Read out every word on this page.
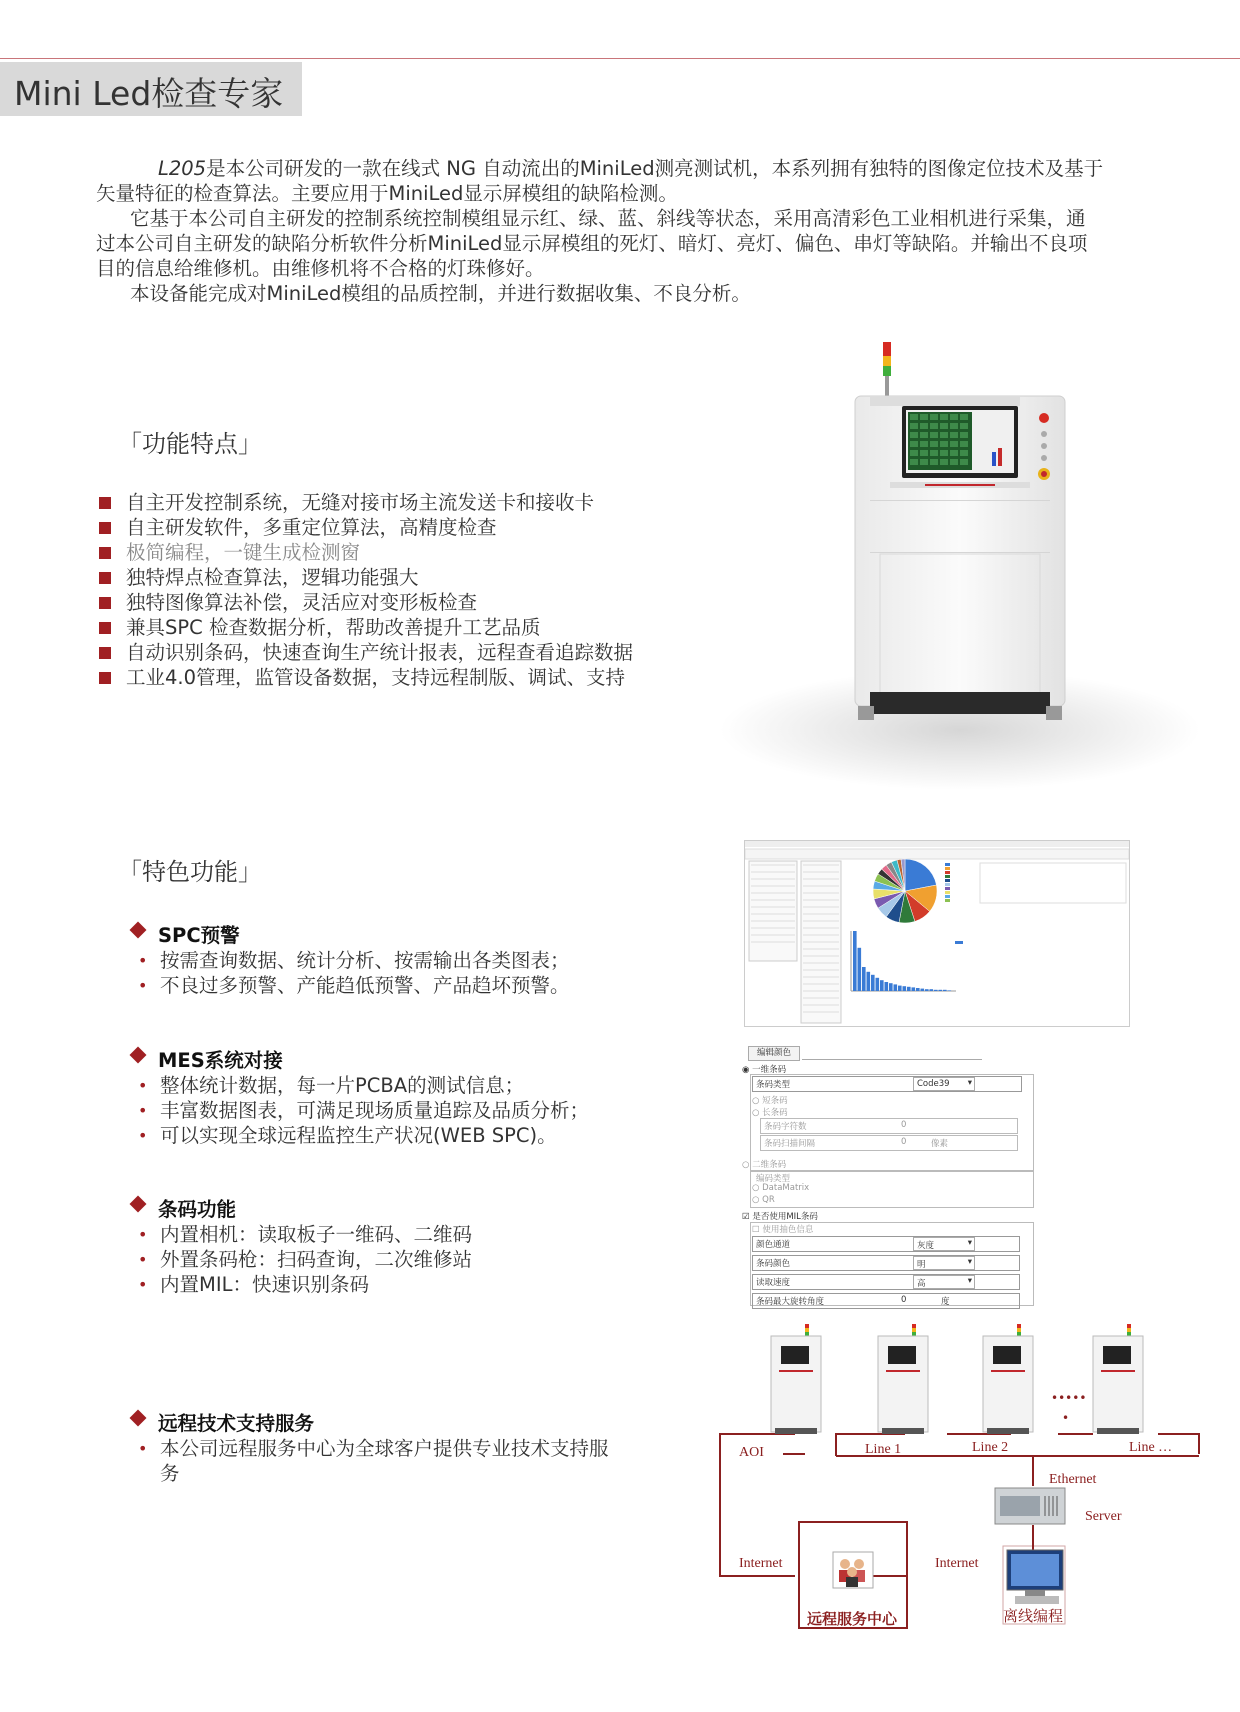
Mini Led检查专家

L205是本公司研发的一款在线式 NG 自动流出的MiniLed测亮测试机，本系列拥有独特的图像定位技术及基于

矢量特征的检查算法。主要应用于MiniLed显示屏模组的缺陷检测。

它基于本公司自主研发的控制系统控制模组显示红、绿、蓝、斜线等状态，采用高清彩色工业相机进行采集，通

过本公司自主研发的缺陷分析软件分析MiniLed显示屏模组的死灯、暗灯、亮灯、偏色、串灯等缺陷。并输出不良项

目的信息给维修机。由维修机将不合格的灯珠修好。

本设备能完成对MiniLed模组的品质控制，并进行数据收集、不良分析。

「功能特点」
自主开发控制系统，无缝对接市场主流发送卡和接收卡
自主研发软件，多重定位算法，高精度检查
极简编程，一键生成检测窗
独特焊点检查算法，逻辑功能强大
独特图像算法补偿，灵活应对变形板检查
兼具SPC 检查数据分析，帮助改善提升工艺品质
自动识别条码，快速查询生产统计报表，远程查看追踪数据
工业4.0管理，监管设备数据，支持远程制版、调试、支持
「特色功能」
SPC预警
• 按需查询数据、统计分析、按需输出各类图表；
• 不良过多预警、产能趋低预警、产品趋坏预警。
MES系统对接
• 整体统计数据，每一片PCBA的测试信息；
• 丰富数据图表，可满足现场质量追踪及品质分析；
• 可以实现全球远程监控生产状况(WEB SPC)。
条码功能
• 内置相机：读取板子一维码、二维码
• 外置条码枪：扫码查询，二次维修站
• 内置MIL：快速识别条码
远程技术支持服务
• 本公司远程服务中心为全球客户提供专业技术支持服
务
编辑颜色
◉ 一维条码
条码类型	Code39 ▾
○ 短条码
○ 长条码
条码字符数	0
条码扫描间隔	0	像素
○ 二维条码
编码类型
○ DataMatrix
○ QR
☑ 是否使用MIL条码
☐ 使用抽色信息
颜色通道	灰度	▾
条码颜色	明	▾
读取速度	高	▾
条码最大旋转角度	0	度
AOI	Line 1	Line 2	Line …
Ethernet
Server
Internet	Internet
远程服务中心	离线编程
•••••
•
